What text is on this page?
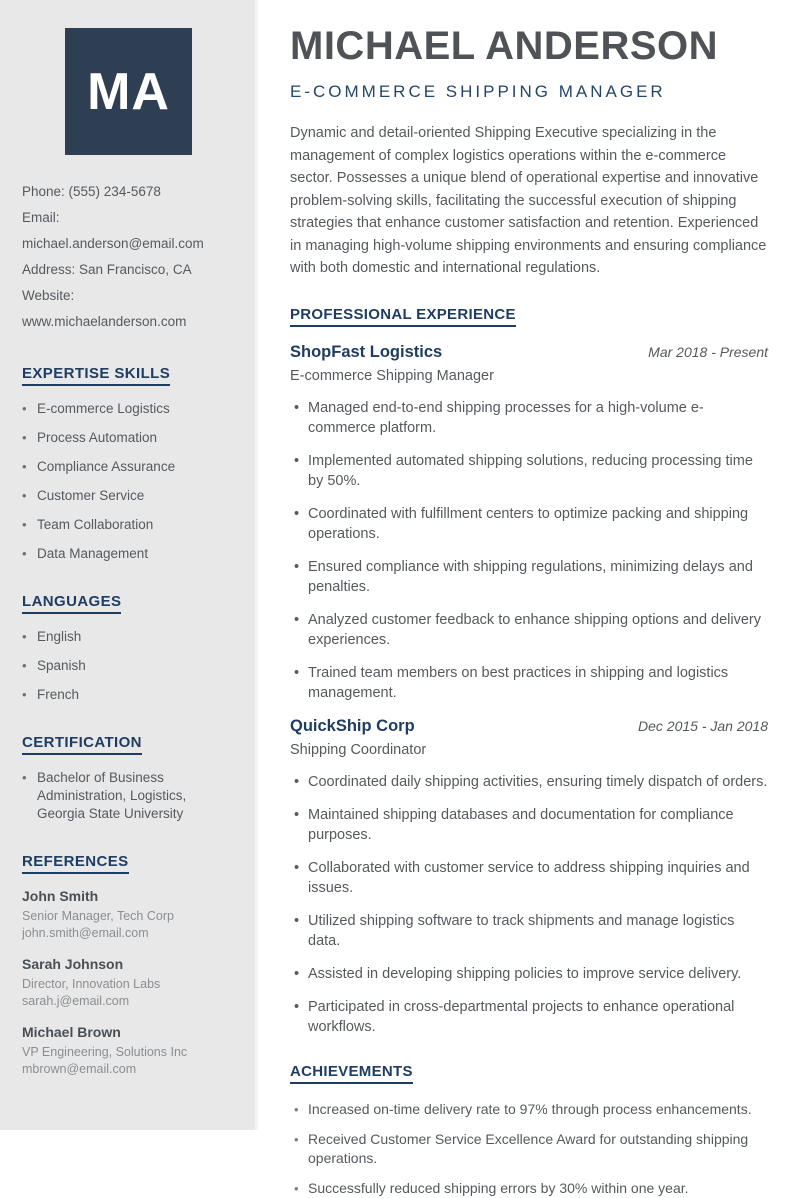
MA
Phone: (555) 234-5678
Email: michael.anderson@email.com
Address: San Francisco, CA
Website: www.michaelanderson.com
EXPERTISE SKILLS
• E-commerce Logistics
• Process Automation
• Compliance Assurance
• Customer Service
• Team Collaboration
• Data Management
LANGUAGES
• English
• Spanish
• French
CERTIFICATION
• Bachelor of Business Administration, Logistics, Georgia State University
REFERENCES
John Smith
Senior Manager, Tech Corp
john.smith@email.com
Sarah Johnson
Director, Innovation Labs
sarah.j@email.com
Michael Brown
VP Engineering, Solutions Inc
mbrown@email.com
MICHAEL ANDERSON
E-COMMERCE SHIPPING MANAGER

Dynamic and detail-oriented Shipping Executive specializing in the management of complex logistics operations within the e-commerce sector. Possesses a unique blend of operational expertise and innovative problem-solving skills, facilitating the successful execution of shipping strategies that enhance customer satisfaction and retention. Experienced in managing high-volume shipping environments and ensuring compliance with both domestic and international regulations.

PROFESSIONAL EXPERIENCE
ShopFast Logistics	Mar 2018 - Present
E-commerce Shipping Manager
• Managed end-to-end shipping processes for a high-volume e-commerce platform.
• Implemented automated shipping solutions, reducing processing time by 50%.
• Coordinated with fulfillment centers to optimize packing and shipping operations.
• Ensured compliance with shipping regulations, minimizing delays and penalties.
• Analyzed customer feedback to enhance shipping options and delivery experiences.
• Trained team members on best practices in shipping and logistics management.
QuickShip Corp	Dec 2015 - Jan 2018
Shipping Coordinator
• Coordinated daily shipping activities, ensuring timely dispatch of orders.
• Maintained shipping databases and documentation for compliance purposes.
• Collaborated with customer service to address shipping inquiries and issues.
• Utilized shipping software to track shipments and manage logistics data.
• Assisted in developing shipping policies to improve service delivery.
• Participated in cross-departmental projects to enhance operational workflows.
ACHIEVEMENTS
• Increased on-time delivery rate to 97% through process enhancements.
• Received Customer Service Excellence Award for outstanding shipping operations.
• Successfully reduced shipping errors by 30% within one year.
